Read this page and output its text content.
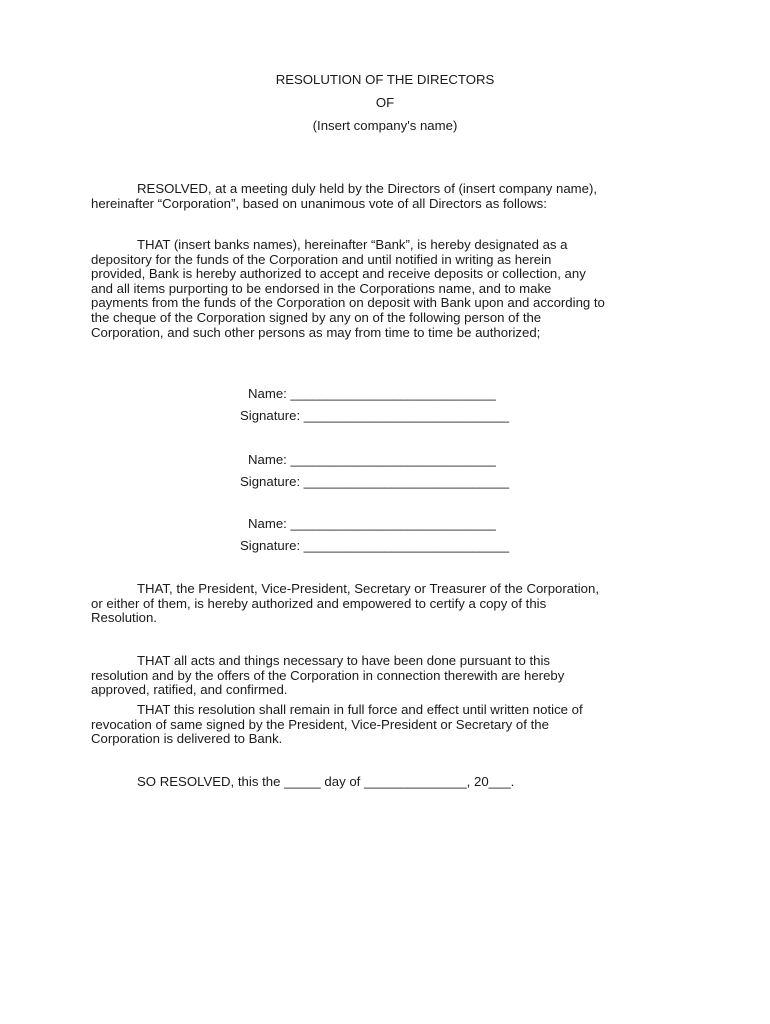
RESOLUTION OF THE DIRECTORS
OF
(Insert company's name)
RESOLVED, at a meeting duly held by the Directors of (insert company name),
hereinafter “Corporation”, based on unanimous vote of all Directors as follows:
THAT (insert banks names), hereinafter “Bank”, is hereby designated as a
depository for the funds of the Corporation and until notified in writing as herein
provided, Bank is hereby authorized to accept and receive deposits or collection, any
and all items purporting to be endorsed in the Corporations name, and to make
payments from the funds of the Corporation on deposit with Bank upon and according to
the cheque of the Corporation signed by any on of the following person of the
Corporation, and such other persons as may from time to time be authorized;
Name: ____________________________
Signature: ____________________________
Name: ____________________________
Signature: ____________________________
Name: ____________________________
Signature: ____________________________
THAT, the President, Vice-President, Secretary or Treasurer of the Corporation,
or either of them, is hereby authorized and empowered to certify a copy of this
Resolution.
THAT all acts and things necessary to have been done pursuant to this
resolution and by the offers of the Corporation in connection therewith are hereby
approved, ratified, and confirmed.
THAT this resolution shall remain in full force and effect until written notice of
revocation of same signed by the President, Vice-President or Secretary of the
Corporation is delivered to Bank.
SO RESOLVED, this the _____ day of ______________, 20___.
